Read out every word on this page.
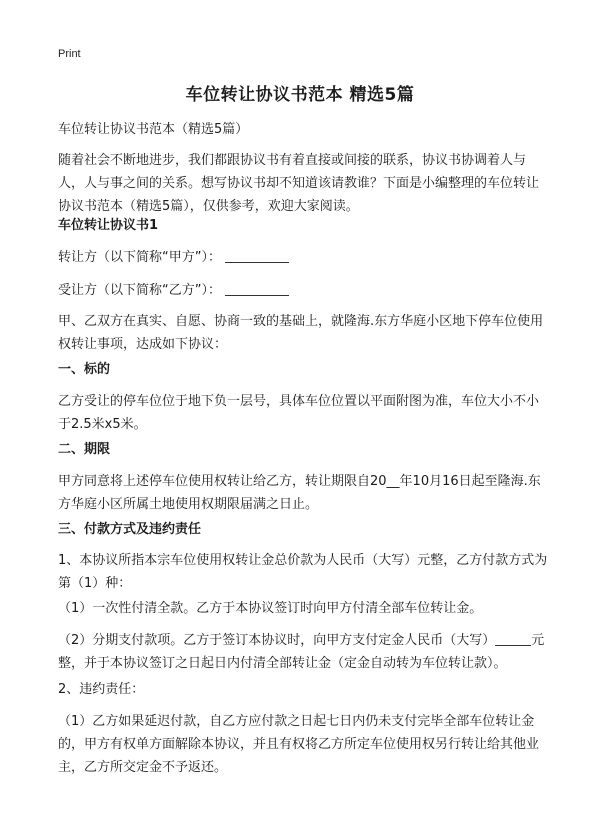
Print
车位转让协议书范本 精选5篇
车位转让协议书范本（精选5篇）
随着社会不断地进步，我们都跟协议书有着直接或间接的联系，协议书协调着人与人，人与事之间的关系。想写协议书却不知道该请教谁？下面是小编整理的车位转让协议书范本（精选5篇），仅供参考，欢迎大家阅读。
车位转让协议书1
转让方（以下简称“甲方”）：
受让方（以下简称“乙方”）：
甲、乙双方在真实、自愿、协商一致的基础上，就隆海.东方华庭小区地下停车位使用权转让事项，达成如下协议：
一、标的
乙方受让的停车位位于地下负一层号，具体车位位置以平面附图为准，车位大小不小于2.5米x5米。
二、期限
甲方同意将上述停车位使用权转让给乙方，转让期限自20__年10月16日起至隆海.东方华庭小区所属土地使用权期限届满之日止。
三、付款方式及违约责任
1、本协议所指本宗车位使用权转让金总价款为人民币（大写）元整，乙方付款方式为第（1）种：
（1）一次性付清全款。乙方于本协议签订时向甲方付清全部车位转让金。
（2）分期支付款项。乙方于签订本协议时，向甲方支付定金人民币（大写）	元整，并于本协议签订之日起日内付清全部转让金（定金自动转为车位转让款）。
2、违约责任：
（1）乙方如果延迟付款，自乙方应付款之日起七日内仍未支付完毕全部车位转让金的，甲方有权单方面解除本协议，并且有权将乙方所定车位使用权另行转让给其他业主，乙方所交定金不予返还。
